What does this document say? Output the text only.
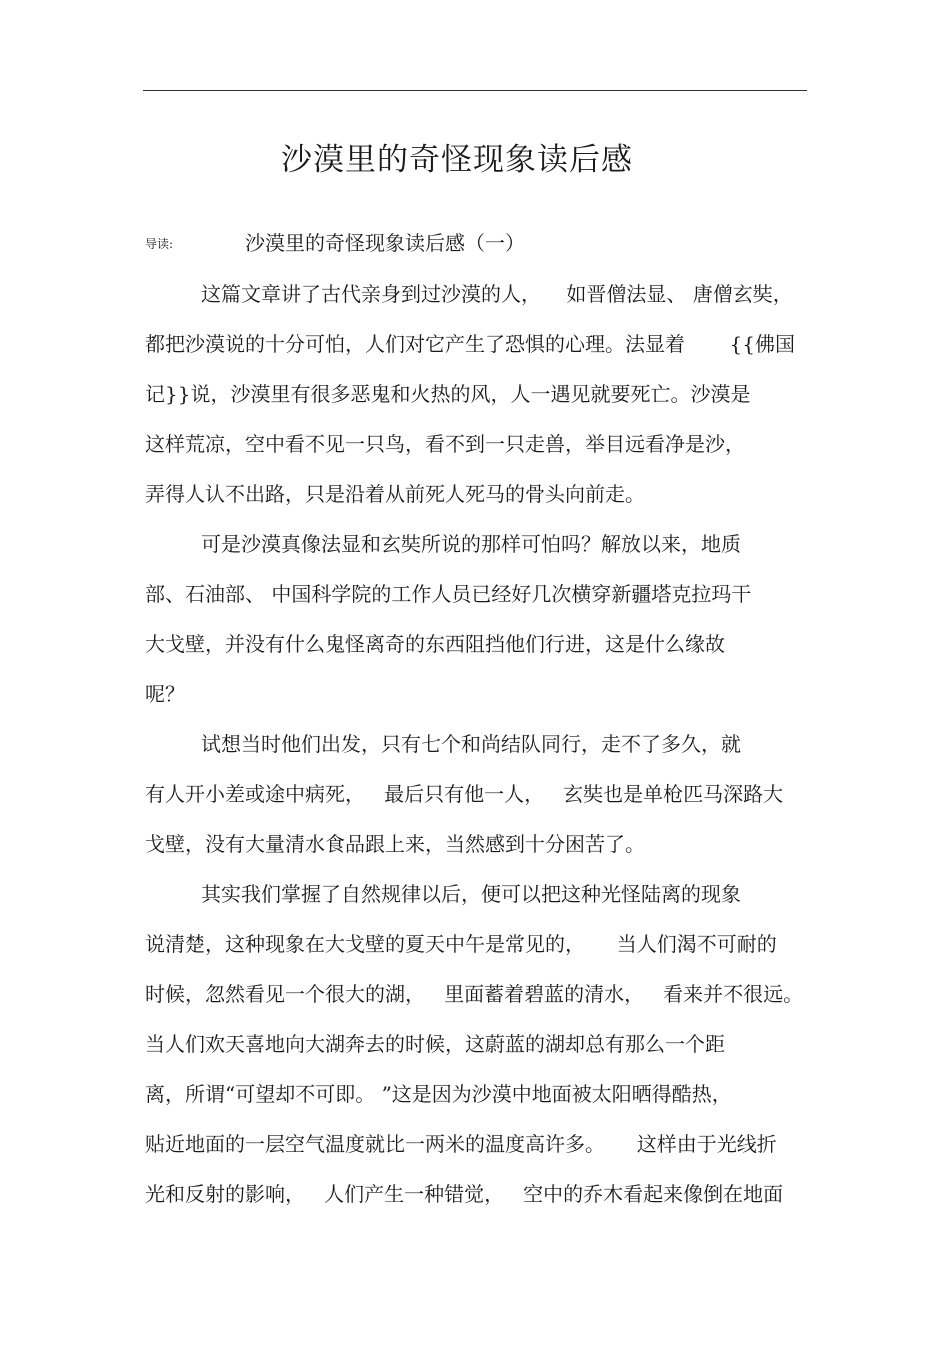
沙漠里的奇怪现象读后感
导读:	沙漠里的奇怪现象读后感（一）
这篇文章讲了古代亲身到过沙漠的人，    如晋僧法显、 唐僧玄奘，
都把沙漠说的十分可怕，人们对它产生了恐惧的心理。法显着       {{佛国
记}}说，沙漠里有很多恶鬼和火热的风，人一遇见就要死亡。沙漠是
这样荒凉，空中看不见一只鸟，看不到一只走兽，举目远看净是沙，
弄得人认不出路，只是沿着从前死人死马的骨头向前走。
可是沙漠真像法显和玄奘所说的那样可怕吗？解放以来，地质
部、石油部、 中国科学院的工作人员已经好几次横穿新疆塔克拉玛干
大戈壁，并没有什么鬼怪离奇的东西阻挡他们行进，这是什么缘故
呢？
试想当时他们出发，只有七个和尚结队同行，走不了多久，就
有人开小差或途中病死，   最后只有他一人，   玄奘也是单枪匹马深路大
戈壁，没有大量清水食品跟上来，当然感到十分困苦了。
其实我们掌握了自然规律以后，便可以把这种光怪陆离的现象
说清楚，这种现象在大戈壁的夏天中午是常见的，     当人们渴不可耐的
时候，忽然看见一个很大的湖，   里面蓄着碧蓝的清水，   看来并不很远。
当人们欢天喜地向大湖奔去的时候，这蔚蓝的湖却总有那么一个距
离，所谓“可望却不可即。 ”这是因为沙漠中地面被太阳晒得酷热，
贴近地面的一层空气温度就比一两米的温度高许多。     这样由于光线折
光和反射的影响，   人们产生一种错觉，   空中的乔木看起来像倒在地面
